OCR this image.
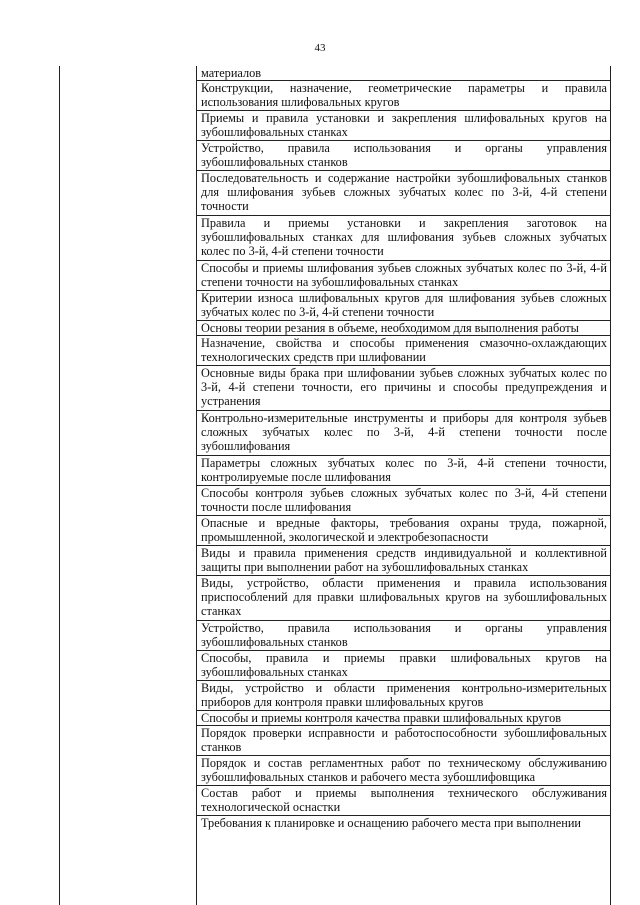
43
материалов
Конструкции, назначение, геометрические параметры и правила использования шлифовальных кругов
Приемы и правила установки и закрепления шлифовальных кругов на зубошлифовальных станках
Устройство, правила использования и органы управления зубошлифовальных станков
Последовательность и содержание настройки зубошлифовальных станков для шлифования зубьев сложных зубчатых колес по 3-й, 4-й степени точности
Правила и приемы установки и закрепления заготовок на зубошлифовальных станках для шлифования зубьев сложных зубчатых колес по 3-й, 4-й степени точности
Способы и приемы шлифования зубьев сложных зубчатых колес по 3-й, 4-й степени точности на зубошлифовальных станках
Критерии износа шлифовальных кругов для шлифования зубьев сложных зубчатых колес по 3-й, 4-й степени точности
Основы теории резания в объеме, необходимом для выполнения работы
Назначение, свойства и способы применения смазочно-охлаждающих технологических средств при шлифовании
Основные виды брака при шлифовании зубьев сложных зубчатых колес по 3-й, 4-й степени точности, его причины и способы предупреждения и устранения
Контрольно-измерительные инструменты и приборы для контроля зубьев сложных зубчатых колес по 3-й, 4-й степени точности после зубошлифования
Параметры сложных зубчатых колес по 3-й, 4-й степени точности, контролируемые после шлифования
Способы контроля зубьев сложных зубчатых колес по 3-й, 4-й степени точности после шлифования
Опасные и вредные факторы, требования охраны труда, пожарной, промышленной, экологической и электробезопасности
Виды и правила применения средств индивидуальной и коллективной защиты при выполнении работ на зубошлифовальных станках
Виды, устройство, области применения и правила использования приспособлений для правки шлифовальных кругов на зубошлифовальных станках
Устройство, правила использования и органы управления зубошлифовальных станков
Способы, правила и приемы правки шлифовальных кругов на зубошлифовальных станках
Виды, устройство и области применения контрольно-измерительных приборов для контроля правки шлифовальных кругов
Способы и приемы контроля качества правки шлифовальных кругов
Порядок проверки исправности и работоспособности зубошлифовальных станков
Порядок и состав регламентных работ по техническому обслуживанию зубошлифовальных станков и рабочего места зубошлифовщика
Состав работ и приемы выполнения технического обслуживания технологической оснастки
Требования к планировке и оснащению рабочего места при выполнении
